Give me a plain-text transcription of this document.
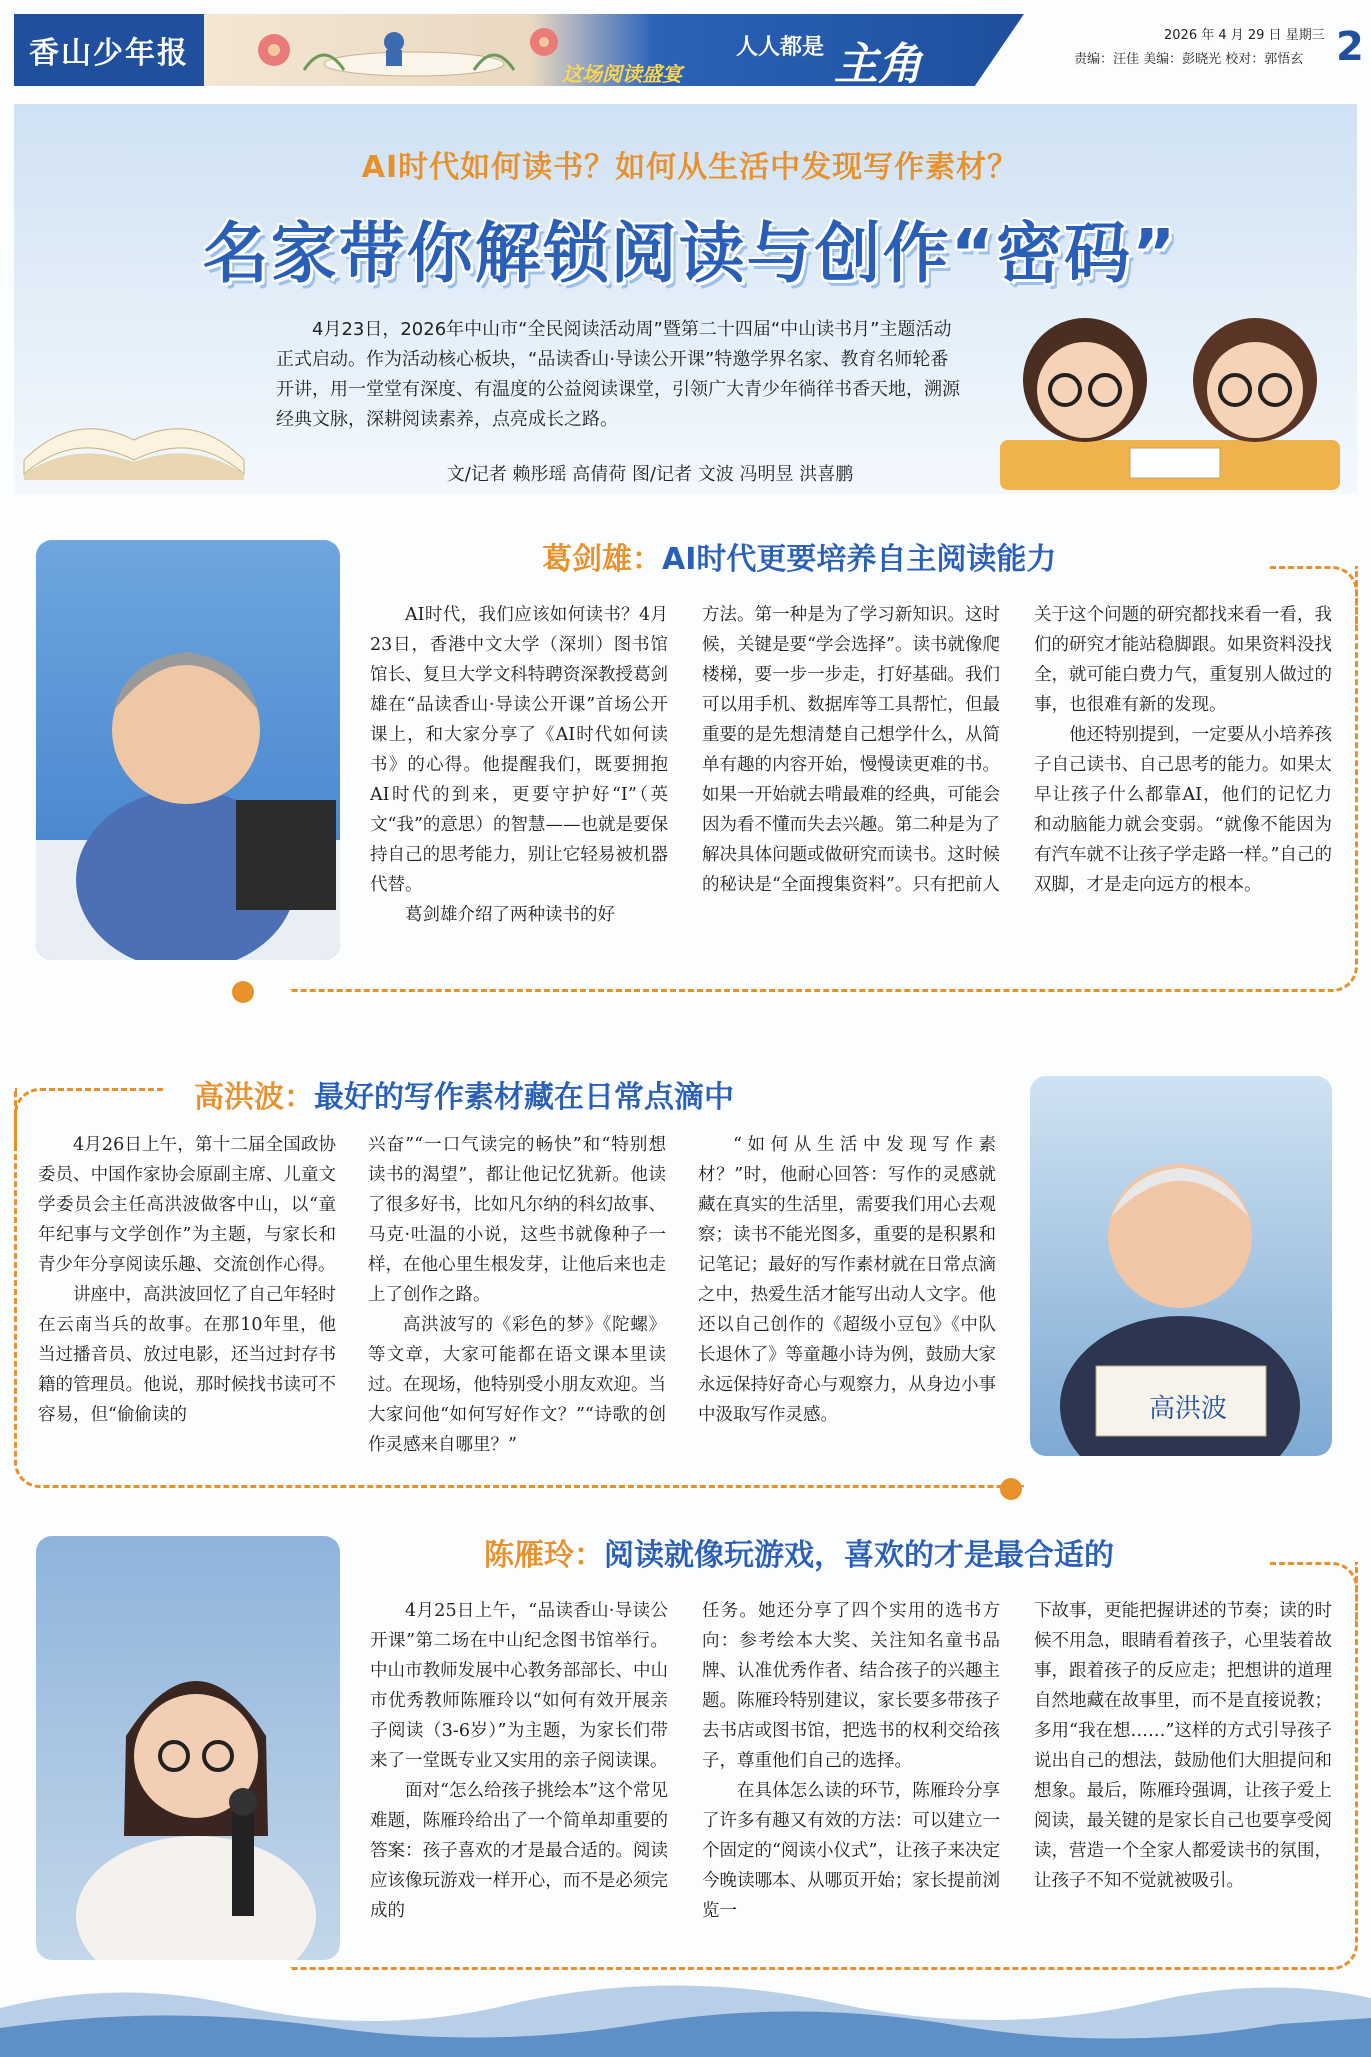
香山少年报
这场阅读盛宴
人人都是 主角
2026 年 4 月 29 日 星期三
责编：汪佳 美编：彭晓光 校对：郭悟玄 2
AI时代如何读书？如何从生活中发现写作素材？
名家带你解锁阅读与创作“密码”

4月23日，2026年中山市“全民阅读活动周”暨第二十四届“中山读书月”主题活动正式启动。作为活动核心板块，“品读香山·导读公开课”特邀学界名家、教育名师轮番开讲，用一堂堂有深度、有温度的公益阅读课堂，引领广大青少年徜徉书香天地，溯源经典文脉，深耕阅读素养，点亮成长之路。

文/记者 赖彤瑶 高倩荷 图/记者 文波 冯明昱 洪喜鹏
葛剑雄：AI时代更要培养自主阅读能力

AI时代，我们应该如何读书？4月23日，香港中文大学（深圳）图书馆馆长、复旦大学文科特聘资深教授葛剑雄在“品读香山·导读公开课”首场公开课上，和大家分享了《AI时代如何读书》的心得。他提醒我们，既要拥抱AI时代的到来，更要守护好“I”（英文“我”的意思）的智慧——也就是要保持自己的思考能力，别让它轻易被机器代替。

葛剑雄介绍了两种读书的好

方法。第一种是为了学习新知识。这时候，关键是要“学会选择”。读书就像爬楼梯，要一步一步走，打好基础。我们可以用手机、数据库等工具帮忙，但最重要的是先想清楚自己想学什么，从简单有趣的内容开始，慢慢读更难的书。如果一开始就去啃最难的经典，可能会因为看不懂而失去兴趣。第二种是为了解决具体问题或做研究而读书。这时候的秘诀是“全面搜集资料”。只有把前人

关于这个问题的研究都找来看一看，我们的研究才能站稳脚跟。如果资料没找全，就可能白费力气，重复别人做过的事，也很难有新的发现。

他还特别提到，一定要从小培养孩子自己读书、自己思考的能力。如果太早让孩子什么都靠AI，他们的记忆力和动脑能力就会变弱。“就像不能因为有汽车就不让孩子学走路一样。”自己的双脚，才是走向远方的根本。

高洪波：最好的写作素材藏在日常点滴中
高洪波

4月26日上午，第十二届全国政协委员、中国作家协会原副主席、儿童文学委员会主任高洪波做客中山，以“童年纪事与文学创作”为主题，与家长和青少年分享阅读乐趣、交流创作心得。

讲座中，高洪波回忆了自己年轻时在云南当兵的故事。在那10年里，他当过播音员、放过电影，还当过封存书籍的管理员。他说，那时候找书读可不容易，但“偷偷读的

兴奋”“一口气读完的畅快”和“特别想读书的渴望”，都让他记忆犹新。他读了很多好书，比如凡尔纳的科幻故事、马克·吐温的小说，这些书就像种子一样，在他心里生根发芽，让他后来也走上了创作之路。

高洪波写的《彩色的梦》《陀螺》等文章，大家可能都在语文课本里读过。在现场，他特别受小朋友欢迎。当大家问他“如何写好作文？”“诗歌的创作灵感来自哪里？”

“如何从生活中发现写作素材？”时，他耐心回答：写作的灵感就藏在真实的生活里，需要我们用心去观察；读书不能光图多，重要的是积累和记笔记；最好的写作素材就在日常点滴之中，热爱生活才能写出动人文字。他还以自己创作的《超级小豆包》《中队长退休了》等童趣小诗为例，鼓励大家永远保持好奇心与观察力，从身边小事中汲取写作灵感。

陈雁玲：阅读就像玩游戏，喜欢的才是最合适的

4月25日上午，“品读香山·导读公开课”第二场在中山纪念图书馆举行。中山市教师发展中心教务部部长、中山市优秀教师陈雁玲以“如何有效开展亲子阅读（3-6岁）”为主题，为家长们带来了一堂既专业又实用的亲子阅读课。

面对“怎么给孩子挑绘本”这个常见难题，陈雁玲给出了一个简单却重要的答案：孩子喜欢的才是最合适的。阅读应该像玩游戏一样开心，而不是必须完成的

任务。她还分享了四个实用的选书方向：参考绘本大奖、关注知名童书品牌、认准优秀作者、结合孩子的兴趣主题。陈雁玲特别建议，家长要多带孩子去书店或图书馆，把选书的权利交给孩子，尊重他们自己的选择。

在具体怎么读的环节，陈雁玲分享了许多有趣又有效的方法：可以建立一个固定的“阅读小仪式”，让孩子来决定今晚读哪本、从哪页开始；家长提前浏览一

下故事，更能把握讲述的节奏；读的时候不用急，眼睛看着孩子，心里装着故事，跟着孩子的反应走；把想讲的道理自然地藏在故事里，而不是直接说教；多用“我在想……”这样的方式引导孩子说出自己的想法，鼓励他们大胆提问和想象。最后，陈雁玲强调，让孩子爱上阅读，最关键的是家长自己也要享受阅读，营造一个全家人都爱读书的氛围，让孩子不知不觉就被吸引。
